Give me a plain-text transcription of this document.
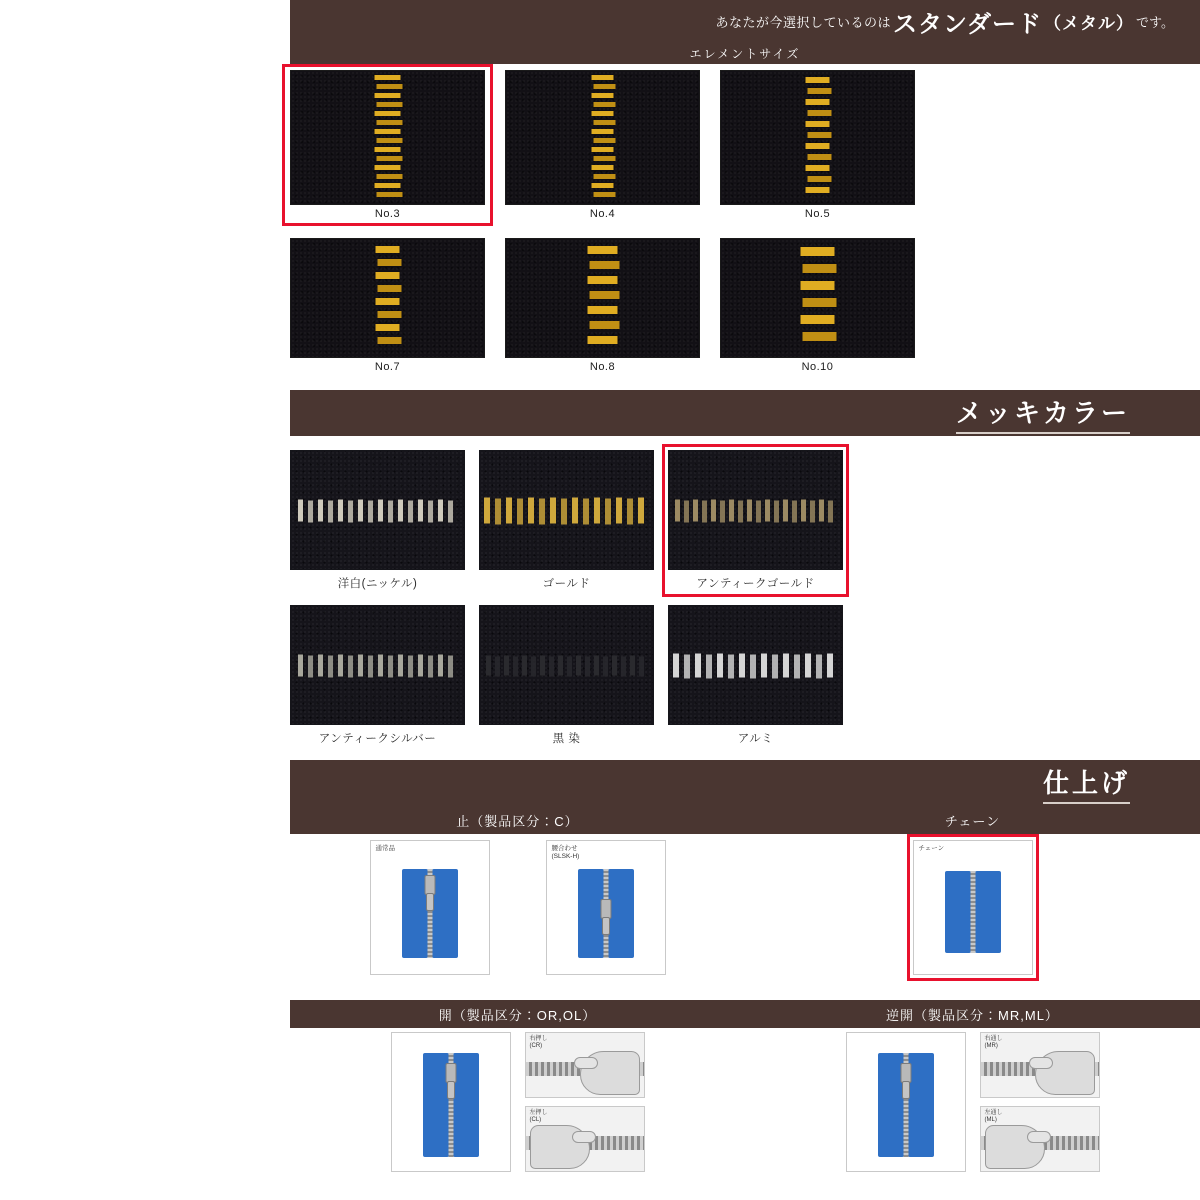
あなたが今選択しているのは スタンダード （メタル） です。
エレメントサイズ
No.3	No.4	No.5
No.7	No.8	No.10
メッキカラー
洋白(ニッケル)	ゴールド	アンティークゴールド
アンティークシルバー	黒 染	アルミ
仕上げ
止（製品区分：C）	チェーン
通常品	腰合わせ
(SLSK-H)
チェーン
開（製品区分：OR,OL）	逆開（製品区分：MR,ML）
右押し
(CR)
左押し
(CL)
右通し
(MR)
左通し
(ML)
